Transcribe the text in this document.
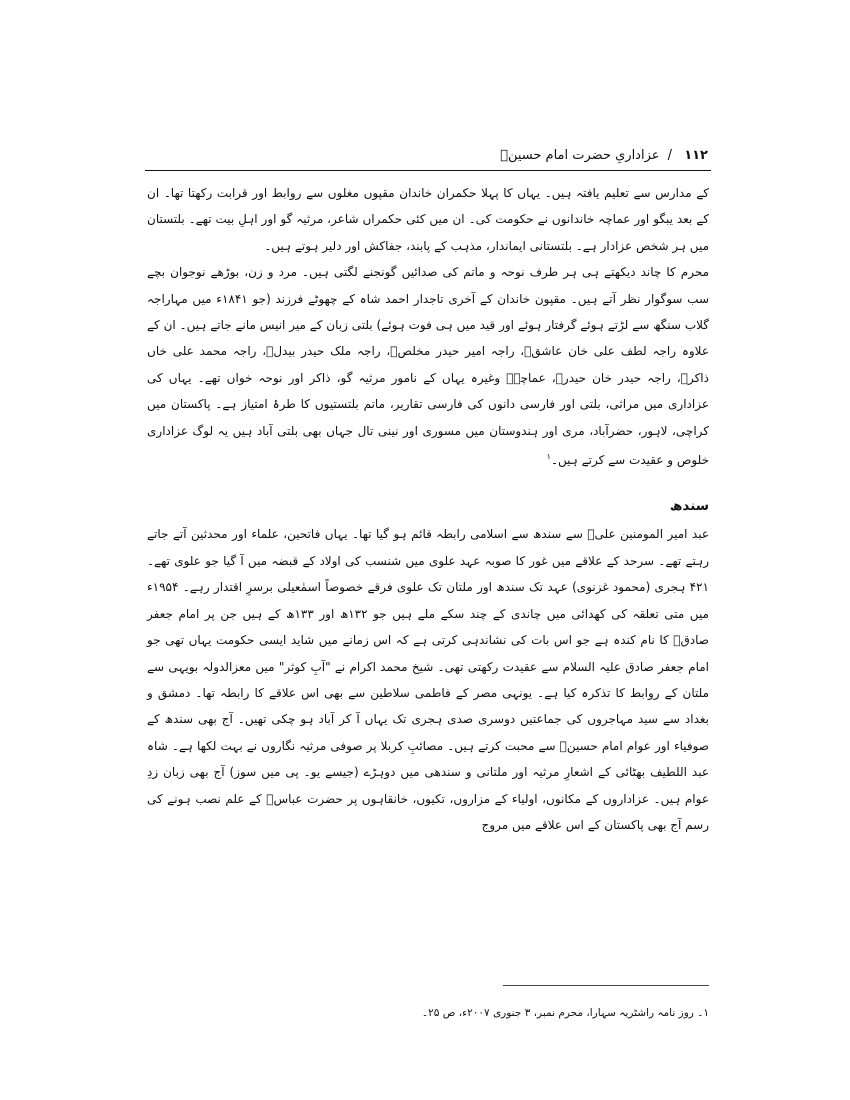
۱۱۲ / عزاداریِ حضرت امام حسینؑ

کے مدارس سے تعلیم یافتہ ہیں۔ یہاں کا پہلا حکمران خاندان مقپوں مغلوں سے روابط اور قرابت رکھتا تھا۔ ان کے بعد یبگو اور عماچہ خاندانوں نے حکومت کی۔ ان میں کئی حکمراں شاعر، مرثیہ گو اور اہلِ بیت تھے۔ بلتستان میں ہر شخص عزادار ہے۔ بلتستانی ایماندار، مذہب کے پابند، جفاکش اور دلیر ہوتے ہیں۔

محرم کا چاند دیکھتے ہی ہر طرف نوحہ و ماتم کی صدائیں گونجنے لگتی ہیں۔ مرد و زن، بوڑھے نوجوان بچے سب سوگوار نظر آتے ہیں۔ مقپون خاندان کے آخری تاجدار احمد شاہ کے چھوٹے فرزند (جو ۱۸۴۱ء میں مہاراجہ گلاب سنگھ سے لڑتے ہوئے گرفتار ہوئے اور قید میں ہی فوت ہوئے) بلتی زبان کے میر انیس مانے جاتے ہیں۔ ان کے علاوہ راجہ لطف علی خان عاشقؔ، راجہ امیر حیدر مخلصؔ، راجہ ملک حیدر بیدلؔ، راجہ محمد علی خاں ذاکرؔ، راجہ حیدر خان حیدرؔ، عماچہؔ وغیرہ یہاں کے نامور مرثیہ گو، ذاکر اور نوحہ خواں تھے۔ یہاں کی عزاداری میں مراثی، بلتی اور فارسی دانوں کی فارسی تقاریر، ماتم بلتستیوں کا طرۂ امتیاز ہے۔ پاکستان میں کراچی، لاہور، حضرآباد، مری اور ہندوستان میں مسوری اور نینی تال جہاں بھی بلتی آباد ہیں یہ لوگ عزاداری خلوص و عقیدت سے کرتے ہیں۔$^۱$

سندھ

عبد امیر المومنین علیؑ سے سندھ سے اسلامی رابطہ قائم ہو گیا تھا۔ یہاں فاتحین، علماء اور محدثین آتے جاتے رہتے تھے۔ سرحد کے علاقے میں غور کا صوبہ عہد علوی میں شنسب کی اولاد کے قبضہ میں آ گیا جو علوی تھے۔ ۴۲۱ ہجری (محمود غزنوی) عہد تک سندھ اور ملتان تک علوی فرقے خصوصاً اسمٰعیلی برسرِ اقتدار رہے۔ ۱۹۵۴ء میں متی تعلقہ کی کھدائی میں چاندی کے چند سکے ملے ہیں جو ۱۳۲ھ اور ۱۳۳ھ کے ہیں جن پر امام جعفر صادقؑ کا نام کندہ ہے جو اس بات کی نشاندہی کرتی ہے کہ اس زمانے میں شاید ایسی حکومت یہاں تھی جو امام جعفر صادق علیہ السلام سے عقیدت رکھتی تھی۔ شیخ محمد اکرام نے "آبِ کوثر" میں معزالدولہ بویہی سے ملتان کے روابط کا تذکرہ کیا ہے۔ یونہی مصر کے فاطمی سلاطین سے بھی اس علاقے کا رابطہ تھا۔ دمشق و بغداد سے سید مہاجروں کی جماعتیں دوسری صدی ہجری تک یہاں آ کر آباد ہو چکی تھیں۔ آج بھی سندھ کے صوفیاء اور عوام امام حسینؑ سے محبت کرتے ہیں۔ مصائبِ کربلا پر صوفی مرثیہ نگاروں نے بہت لکھا ہے۔ شاہ عبد اللطیف بھٹائی کے اشعارِ مرثیہ اور ملتانی و سندھی میں دوہڑے (جیسے یو۔ پی میں سوز) آج بھی زبان زدِ عوام ہیں۔ عزاداروں کے مکانوں، اولیاء کے مزاروں، تکیوں، خانقاہوں پر حضرت عباسؑ کے علم نصب ہونے کی رسم آج بھی پاکستان کے اس علاقے میں مروج

۱۔ روز نامہ راشٹریہ سہارا، محرم نمبر، ۳ جنوری ۲۰۰۷ء، ص ۲۵۔
